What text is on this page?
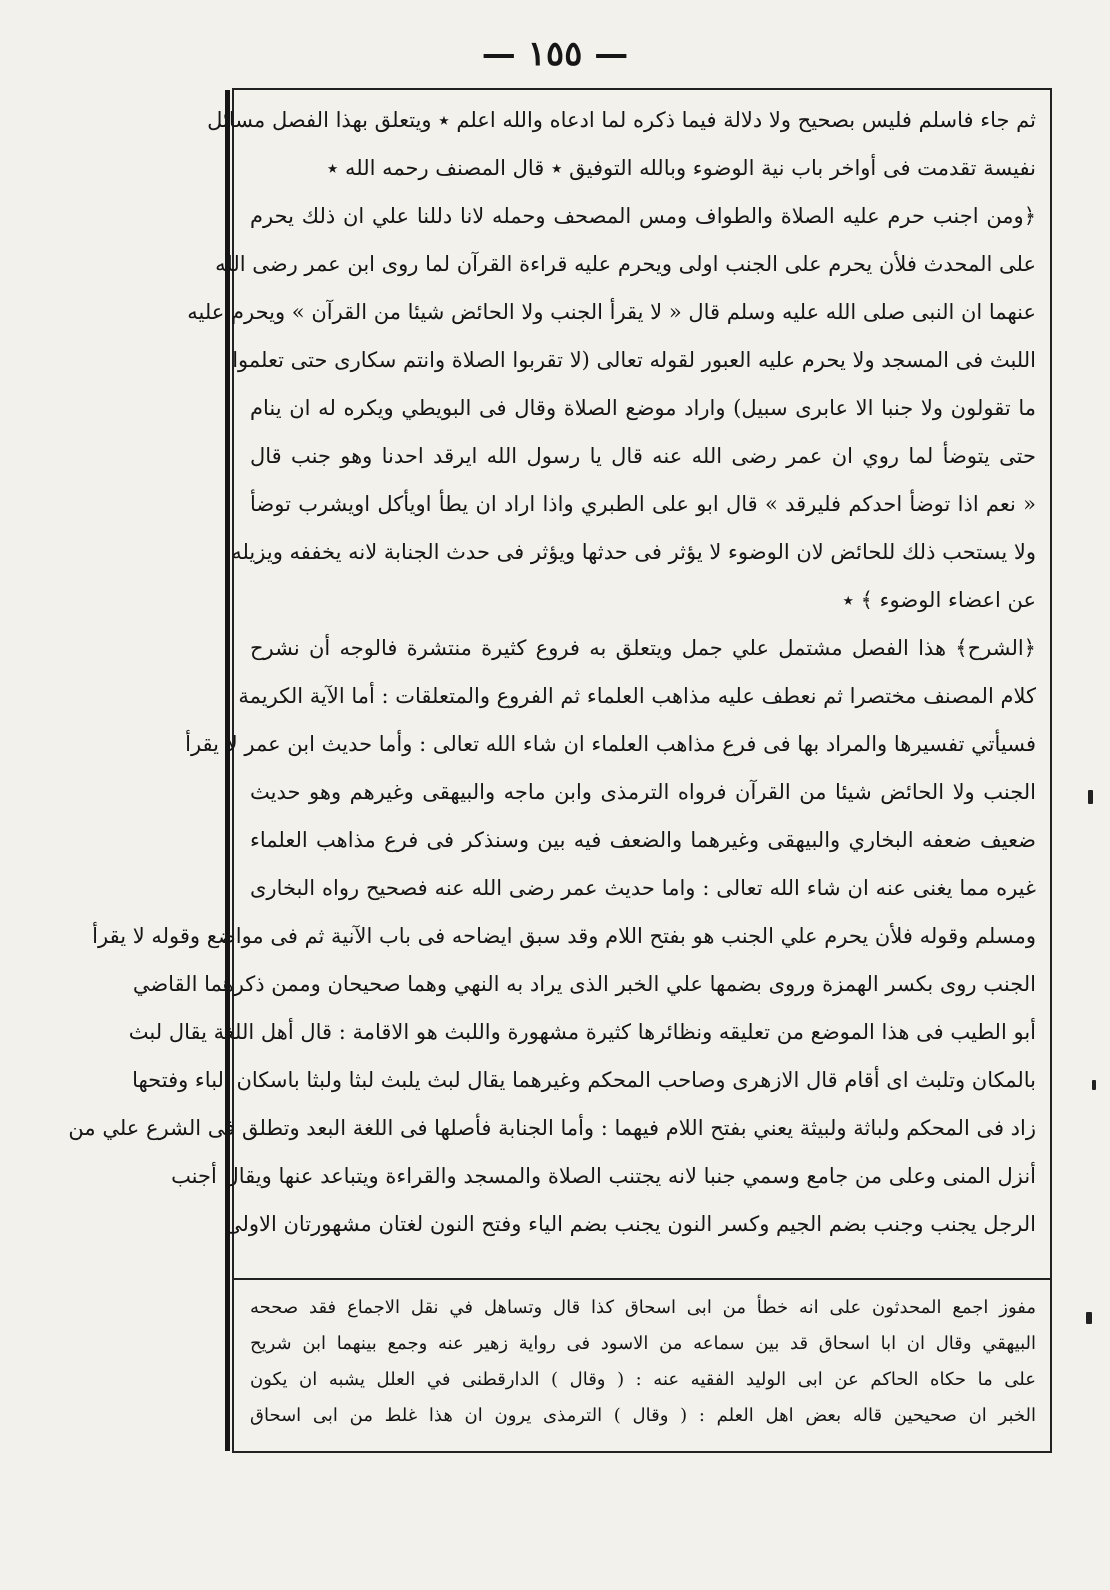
— ١٥٥ —
ثم جاء فاسلم فليس بصحيح ولا دلالة فيما ذكره لما ادعاه والله اعلم ٭ ويتعلق بهذا الفصل مسائل
نفيسة تقدمت فى أواخر باب نية الوضوء وبالله التوفيق ٭ قال المصنف رحمه الله ٭
﴿ومن اجنب حرم عليه الصلاة والطواف ومس المصحف وحمله لانا دللنا علي ان ذلك يحرم
على المحدث فلأن يحرم على الجنب اولى ويحرم عليه قراءة القرآن لما روى ابن عمر رضى الله
عنهما ان النبى صلى الله عليه وسلم قال « لا يقرأ الجنب ولا الحائض شيئا من القرآن » ويحرم عليه
اللبث فى المسجد ولا يحرم عليه العبور لقوله تعالى (لا تقربوا الصلاة وانتم سكارى حتى تعلموا
ما تقولون ولا جنبا الا عابرى سبيل) واراد موضع الصلاة وقال فى البويطي ويكره له ان ينام
حتى يتوضأ لما روي ان عمر رضى الله عنه قال يا رسول الله ايرقد احدنا وهو جنب قال
« نعم اذا توضأ احدكم فليرقد » قال ابو على الطبري واذا اراد ان يطأ اويأكل اويشرب توضأ
ولا يستحب ذلك للحائض لان الوضوء لا يؤثر فى حدثها ويؤثر فى حدث الجنابة لانه يخففه ويزيله
عن اعضاء الوضوء ﴾ ٭
﴿الشرح﴾ هذا الفصل مشتمل علي جمل ويتعلق به فروع كثيرة منتشرة فالوجه أن نشرح
كلام المصنف مختصرا ثم نعطف عليه مذاهب العلماء ثم الفروع والمتعلقات : أما الآية الكريمة
فسيأتي تفسيرها والمراد بها فى فرع مذاهب العلماء ان شاء الله تعالى : وأما حديث ابن عمر لا يقرأ
الجنب ولا الحائض شيئا من القرآن فرواه الترمذى وابن ماجه والبيهقى وغيرهم وهو حديث
ضعيف ضعفه البخاري والبيهقى وغيرهما والضعف فيه بين وسنذكر فى فرع مذاهب العلماء
غيره مما يغنى عنه ان شاء الله تعالى : واما حديث عمر رضى الله عنه فصحيح رواه البخارى
ومسلم وقوله فلأن يحرم علي الجنب هو بفتح اللام وقد سبق ايضاحه فى باب الآنية ثم فى مواضع وقوله لا يقرأ
الجنب روى بكسر الهمزة وروى بضمها علي الخبر الذى يراد به النهي وهما صحيحان وممن ذكرهما القاضي
أبو الطيب فى هذا الموضع من تعليقه ونظائرها كثيرة مشهورة واللبث هو الاقامة : قال أهل اللغة يقال لبث
بالمكان وتلبث اى أقام قال الازهرى وصاحب المحكم وغيرهما يقال لبث يلبث لبثا ولبثا باسكان الباء وفتحها
زاد فى المحكم ولباثة ولبيثة يعني بفتح اللام فيهما : وأما الجنابة فأصلها فى اللغة البعد وتطلق فى الشرع علي من
أنزل المنى وعلى من جامع وسمي جنبا لانه يجتنب الصلاة والمسجد والقراءة ويتباعد عنها ويقال أجنب
الرجل يجنب وجنب بضم الجيم وكسر النون يجنب بضم الياء وفتح النون لغتان مشهورتان الاولى
مفوز اجمع المحدثون على انه خطأ من ابى اسحاق كذا قال وتساهل في نقل الاجماع فقد صححه
البيهقي وقال ان ابا اسحاق قد بين سماعه من الاسود فى رواية زهير عنه وجمع بينهما ابن شريح
على ما حكاه الحاكم عن ابى الوليد الفقيه عنه : ( وقال ) الدارقطنى في العلل يشبه ان يكون
الخبر ان صحيحين قاله بعض اهل العلم : ( وقال ) الترمذى يرون ان هذا غلط من ابى اسحاق
